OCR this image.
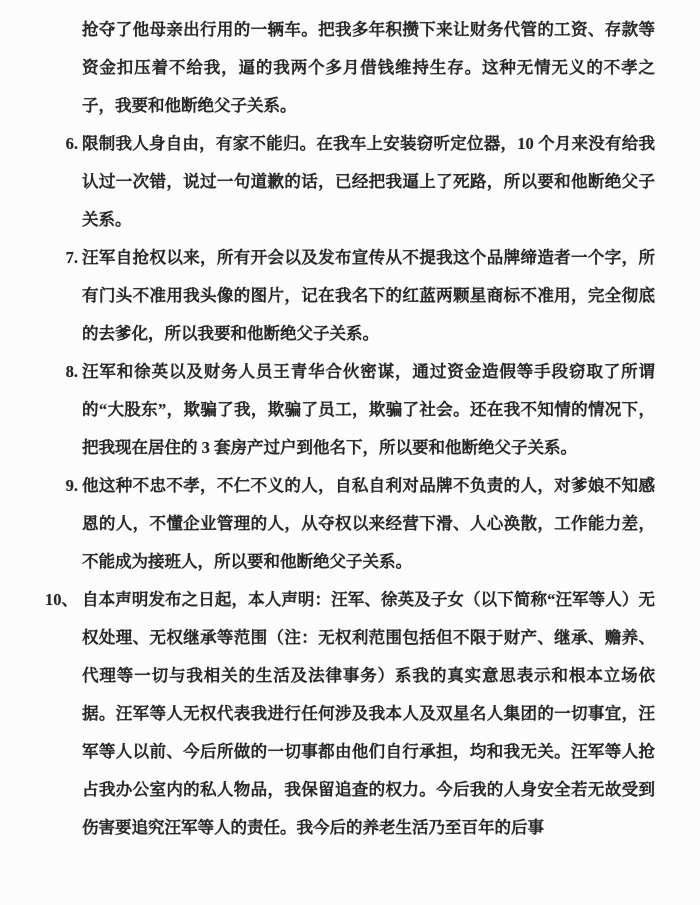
抢夺了他母亲出行用的一辆车。把我多年积攒下来让财务代管的工资、存款等资金扣压着不给我，逼的我两个多月借钱维持生存。这种无情无义的不孝之子，我要和他断绝父子关系。

6. 限制我人身自由，有家不能归。在我车上安装窃听定位器，10 个月来没有给我认过一次错，说过一句道歉的话，已经把我逼上了死路，所以要和他断绝父子关系。
7. 汪军自抢权以来，所有开会以及发布宣传从不提我这个品牌缔造者一个字，所有门头不准用我头像的图片，记在我名下的红蓝两颗星商标不准用，完全彻底的去爹化，所以我要和他断绝父子关系。
8. 汪军和徐英以及财务人员王青华合伙密谋，通过资金造假等手段窃取了所谓的“大股东”，欺骗了我，欺骗了员工，欺骗了社会。还在我不知情的情况下，把我现在居住的 3 套房产过户到他名下，所以要和他断绝父子关系。
9. 他这种不忠不孝，不仁不义的人，自私自利对品牌不负责的人，对爹娘不知感恩的人，不懂企业管理的人，从夺权以来经营下滑、人心涣散，工作能力差，不能成为接班人，所以要和他断绝父子关系。
10、 自本声明发布之日起，本人声明：汪军、徐英及子女（以下简称“汪军等人）无权处理、无权继承等范围（注：无权利范围包括但不限于财产、继承、赡养、代理等一切与我相关的生活及法律事务）系我的真实意思表示和根本立场依据。汪军等人无权代表我进行任何涉及我本人及双星名人集团的一切事宜，汪军等人以前、今后所做的一切事都由他们自行承担，均和我无关。汪军等人抢占我办公室内的私人物品，我保留追查的权力。今后我的人身安全若无故受到伤害要追究汪军等人的责任。我今后的养老生活乃至百年的后事
